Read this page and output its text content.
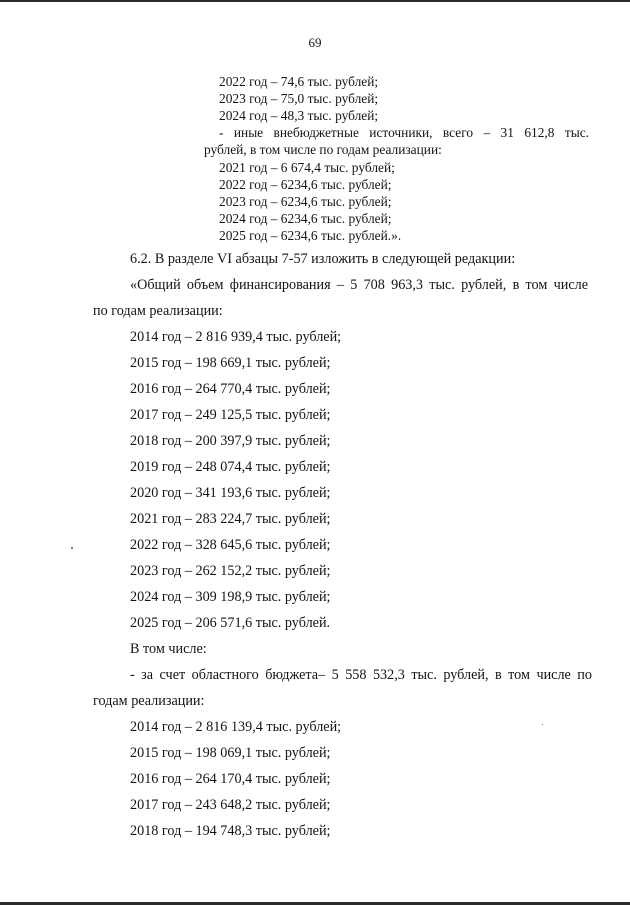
69
2022 год – 74,6 тыс. рублей;
2023 год – 75,0 тыс. рублей;
2024 год – 48,3 тыс. рублей;
- иные внебюджетные источники, всего – 31 612,8 тыс.
рублей, в том числе по годам реализации:
2021 год – 6 674,4 тыс. рублей;
2022 год – 6234,6 тыс. рублей;
2023 год – 6234,6 тыс. рублей;
2024 год – 6234,6 тыс. рублей;
2025 год – 6234,6 тыс. рублей.».
6.2. В разделе VI абзацы 7-57 изложить в следующей редакции:
«Общий объем финансирования – 5 708 963,3 тыс. рублей, в том числе
по годам реализации:
2014 год – 2 816 939,4 тыс. рублей;
2015 год – 198 669,1 тыс. рублей;
2016 год – 264 770,4 тыс. рублей;
2017 год – 249 125,5 тыс. рублей;
2018 год – 200 397,9 тыс. рублей;
2019 год – 248 074,4 тыс. рублей;
2020 год – 341 193,6 тыс. рублей;
2021 год – 283 224,7 тыс. рублей;
2022 год – 328 645,6 тыс. рублей;
2023 год – 262 152,2 тыс. рублей;
2024 год – 309 198,9 тыс. рублей;
2025 год – 206 571,6 тыс. рублей.
В том числе:
- за счет областного бюджета– 5 558 532,3 тыс. рублей, в том числе по
годам реализации:
2014 год – 2 816 139,4 тыс. рублей;
2015 год – 198 069,1 тыс. рублей;
2016 год – 264 170,4 тыс. рублей;
2017 год – 243 648,2 тыс. рублей;
2018 год – 194 748,3 тыс. рублей;
